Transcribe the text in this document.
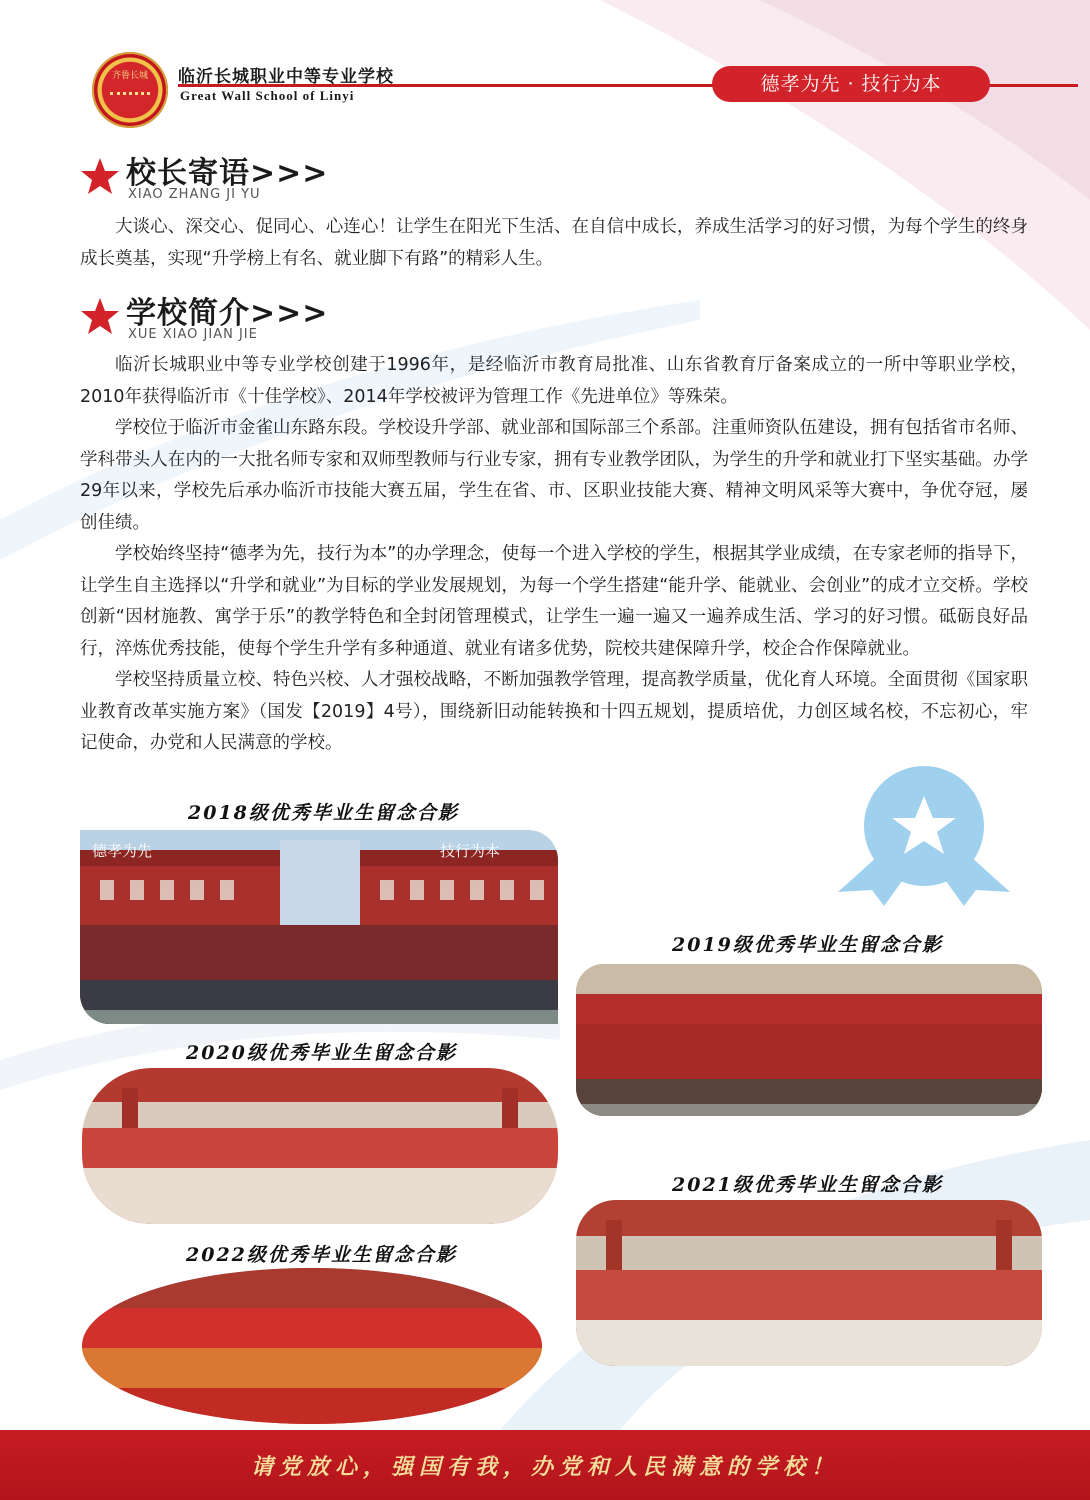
齐鲁长城	临沂长城职业中等专业学校
Great Wall School of Linyi
德孝为先 · 技行为本
校长寄语>>>
XIAO ZHANG JI YU

大谈心、深交心、促同心、心连心！让学生在阳光下生活、在自信中成长，养成生活学习的好习惯，为每个学生的终身成长奠基，实现“升学榜上有名、就业脚下有路”的精彩人生。

学校简介>>>
XUE XIAO JIAN JIE

临沂长城职业中等专业学校创建于1996年，是经临沂市教育局批准、山东省教育厅备案成立的一所中等职业学校，2010年获得临沂市《十佳学校》、2014年学校被评为管理工作《先进单位》等殊荣。

学校位于临沂市金雀山东路东段。学校设升学部、就业部和国际部三个系部。注重师资队伍建设，拥有包括省市名师、学科带头人在内的一大批名师专家和双师型教师与行业专家，拥有专业教学团队，为学生的升学和就业打下坚实基础。办学29年以来，学校先后承办临沂市技能大赛五届，学生在省、市、区职业技能大赛、精神文明风采等大赛中，争优夺冠，屡创佳绩。

学校始终坚持“德孝为先，技行为本”的办学理念，使每一个进入学校的学生，根据其学业成绩，在专家老师的指导下，让学生自主选择以“升学和就业”为目标的学业发展规划，为每一个学生搭建“能升学、能就业、会创业”的成才立交桥。学校创新“因材施教、寓学于乐”的教学特色和全封闭管理模式，让学生一遍一遍又一遍养成生活、学习的好习惯。砥砺良好品行，淬炼优秀技能，使每个学生升学有多种通道、就业有诸多优势，院校共建保障升学，校企合作保障就业。

学校坚持质量立校、特色兴校、人才强校战略，不断加强教学管理，提高教学质量，优化育人环境。全面贯彻《国家职业教育改革实施方案》（国发【2019】4号），围绕新旧动能转换和十四五规划，提质培优，力创区域名校，不忘初心，牢记使命，办党和人民满意的学校。

2018级优秀毕业生留念合影
德孝为先	技行为本
2019级优秀毕业生留念合影
2020级优秀毕业生留念合影
2021级优秀毕业生留念合影
2022级优秀毕业生留念合影
请党放心，强国有我，办党和人民满意的学校！
